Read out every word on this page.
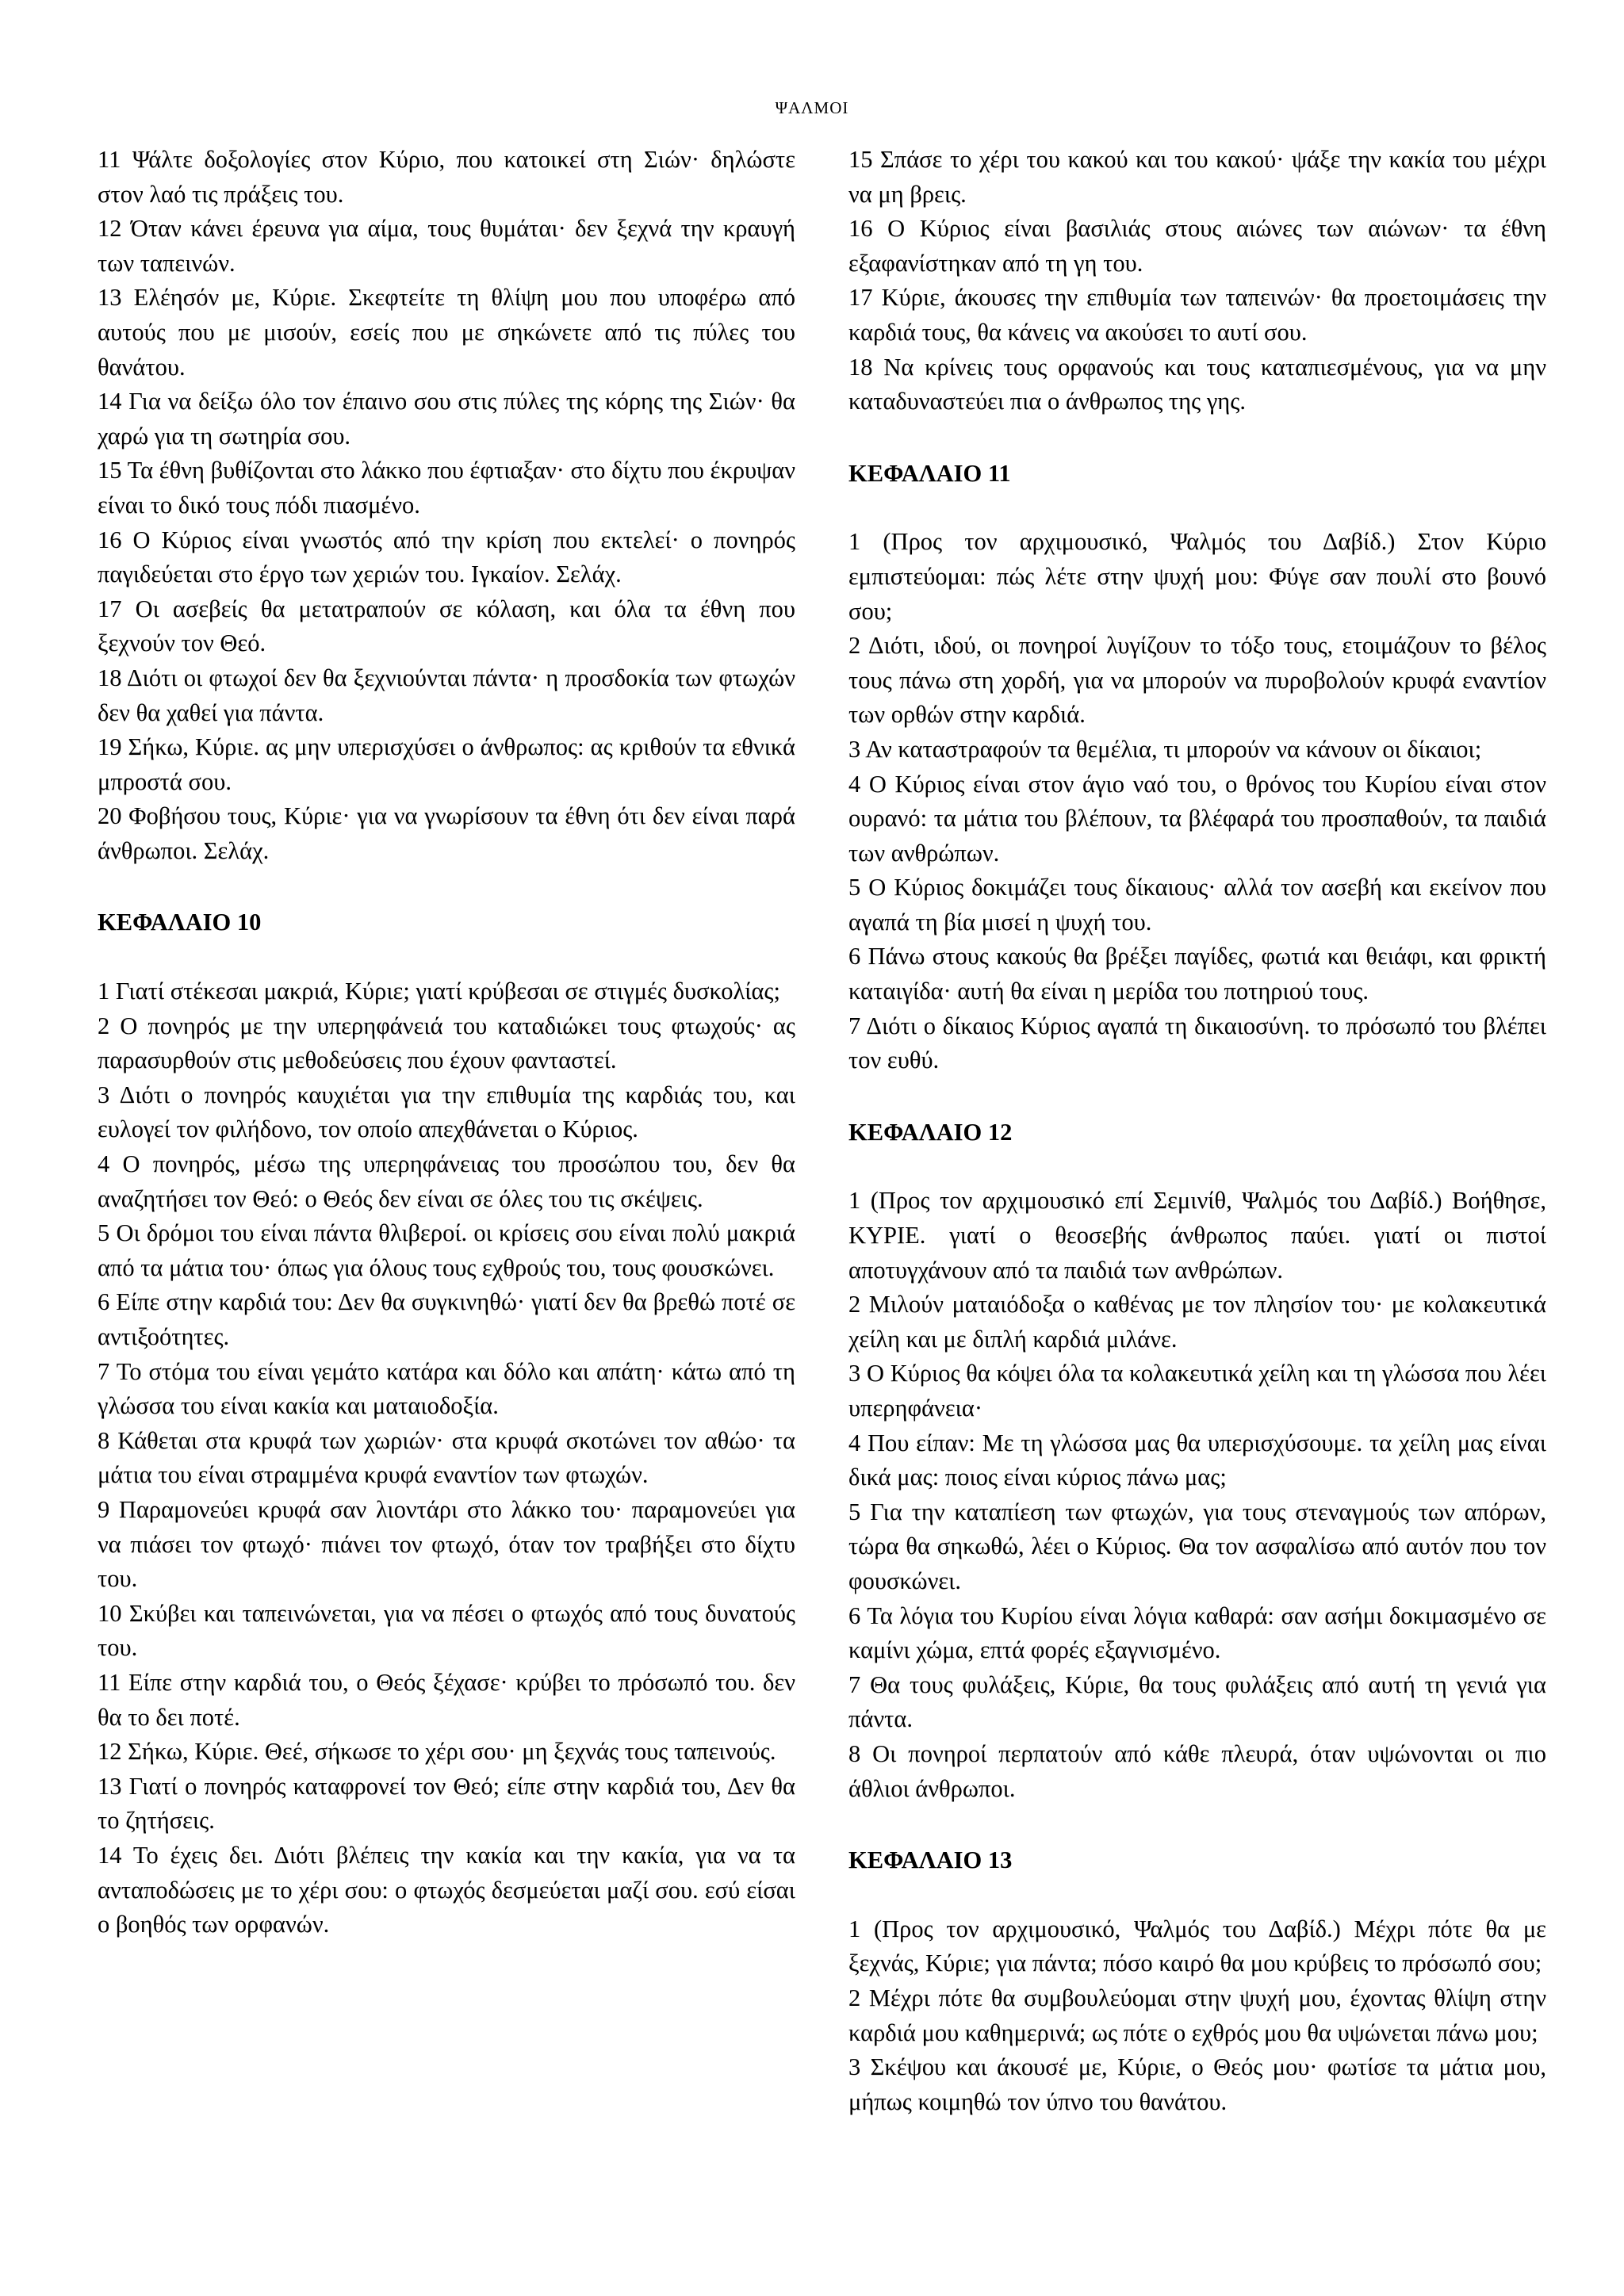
ΨΑΛΜΟΙ
11 Ψάλτε δοξολογίες στον Κύριο, που κατοικεί στη Σιών· δηλώστε στον λαό τις πράξεις του.
12 Όταν κάνει έρευνα για αίμα, τους θυμάται· δεν ξεχνά την κραυγή των ταπεινών.
13 Ελέησόν με, Κύριε. Σκεφτείτε τη θλίψη μου που υποφέρω από αυτούς που με μισούν, εσείς που με σηκώνετε από τις πύλες του θανάτου.
14 Για να δείξω όλο τον έπαινο σου στις πύλες της κόρης της Σιών· θα χαρώ για τη σωτηρία σου.
15 Τα έθνη βυθίζονται στο λάκκο που έφτιαξαν· στο δίχτυ που έκρυψαν είναι το δικό τους πόδι πιασμένο.
16 Ο Κύριος είναι γνωστός από την κρίση που εκτελεί· ο πονηρός παγιδεύεται στο έργο των χεριών του. Ιγκαίον. Σελάχ.
17 Οι ασεβείς θα μετατραπούν σε κόλαση, και όλα τα έθνη που ξεχνούν τον Θεό.
18 Διότι οι φτωχοί δεν θα ξεχνιούνται πάντα· η προσδοκία των φτωχών δεν θα χαθεί για πάντα.
19 Σήκω, Κύριε. ας μην υπερισχύσει ο άνθρωπος: ας κριθούν τα εθνικά μπροστά σου.
20 Φοβήσου τους, Κύριε· για να γνωρίσουν τα έθνη ότι δεν είναι παρά άνθρωποι. Σελάχ.
ΚΕΦΑΛΑΙΟ 10
1 Γιατί στέκεσαι μακριά, Κύριε; γιατί κρύβεσαι σε στιγμές δυσκολίας;
2 Ο πονηρός με την υπερηφάνειά του καταδιώκει τους φτωχούς· ας παρασυρθούν στις μεθοδεύσεις που έχουν φανταστεί.
3 Διότι ο πονηρός καυχιέται για την επιθυμία της καρδιάς του, και ευλογεί τον φιλήδονο, τον οποίο απεχθάνεται ο Κύριος.
4 Ο πονηρός, μέσω της υπερηφάνειας του προσώπου του, δεν θα αναζητήσει τον Θεό: ο Θεός δεν είναι σε όλες του τις σκέψεις.
5 Οι δρόμοι του είναι πάντα θλιβεροί. οι κρίσεις σου είναι πολύ μακριά από τα μάτια του· όπως για όλους τους εχθρούς του, τους φουσκώνει.
6 Είπε στην καρδιά του: Δεν θα συγκινηθώ· γιατί δεν θα βρεθώ ποτέ σε αντιξοότητες.
7 Το στόμα του είναι γεμάτο κατάρα και δόλο και απάτη· κάτω από τη γλώσσα του είναι κακία και ματαιοδοξία.
8 Κάθεται στα κρυφά των χωριών· στα κρυφά σκοτώνει τον αθώο· τα μάτια του είναι στραμμένα κρυφά εναντίον των φτωχών.
9 Παραμονεύει κρυφά σαν λιοντάρι στο λάκκο του· παραμονεύει για να πιάσει τον φτωχό· πιάνει τον φτωχό, όταν τον τραβήξει στο δίχτυ του.
10 Σκύβει και ταπεινώνεται, για να πέσει ο φτωχός από τους δυνατούς του.
11 Είπε στην καρδιά του, ο Θεός ξέχασε· κρύβει το πρόσωπό του. δεν θα το δει ποτέ.
12 Σήκω, Κύριε. Θεέ, σήκωσε το χέρι σου· μη ξεχνάς τους ταπεινούς.
13 Γιατί ο πονηρός καταφρονεί τον Θεό; είπε στην καρδιά του, Δεν θα το ζητήσεις.
14 Το έχεις δει. Διότι βλέπεις την κακία και την κακία, για να τα ανταποδώσεις με το χέρι σου: ο φτωχός δεσμεύεται μαζί σου. εσύ είσαι ο βοηθός των ορφανών.
15 Σπάσε το χέρι του κακού και του κακού· ψάξε την κακία του μέχρι να μη βρεις.
16 Ο Κύριος είναι βασιλιάς στους αιώνες των αιώνων· τα έθνη εξαφανίστηκαν από τη γη του.
17 Κύριε, άκουσες την επιθυμία των ταπεινών· θα προετοιμάσεις την καρδιά τους, θα κάνεις να ακούσει το αυτί σου.
18 Να κρίνεις τους ορφανούς και τους καταπιεσμένους, για να μην καταδυναστεύει πια ο άνθρωπος της γης.
ΚΕΦΑΛΑΙΟ 11
1 (Προς τον αρχιμουσικό, Ψαλμός του Δαβίδ.) Στον Κύριο εμπιστεύομαι: πώς λέτε στην ψυχή μου: Φύγε σαν πουλί στο βουνό σου;
2 Διότι, ιδού, οι πονηροί λυγίζουν το τόξο τους, ετοιμάζουν το βέλος τους πάνω στη χορδή, για να μπορούν να πυροβολούν κρυφά εναντίον των ορθών στην καρδιά.
3 Αν καταστραφούν τα θεμέλια, τι μπορούν να κάνουν οι δίκαιοι;
4 Ο Κύριος είναι στον άγιο ναό του, ο θρόνος του Κυρίου είναι στον ουρανό: τα μάτια του βλέπουν, τα βλέφαρά του προσπαθούν, τα παιδιά των ανθρώπων.
5 Ο Κύριος δοκιμάζει τους δίκαιους· αλλά τον ασεβή και εκείνον που αγαπά τη βία μισεί η ψυχή του.
6 Πάνω στους κακούς θα βρέξει παγίδες, φωτιά και θειάφι, και φρικτή καταιγίδα· αυτή θα είναι η μερίδα του ποτηριού τους.
7 Διότι ο δίκαιος Κύριος αγαπά τη δικαιοσύνη. το πρόσωπό του βλέπει τον ευθύ.
ΚΕΦΑΛΑΙΟ 12
1 (Προς τον αρχιμουσικό επί Σεμινίθ, Ψαλμός του Δαβίδ.) Βοήθησε, ΚΥΡΙΕ. γιατί ο θεοσεβής άνθρωπος παύει. γιατί οι πιστοί αποτυγχάνουν από τα παιδιά των ανθρώπων.
2 Μιλούν ματαιόδοξα ο καθένας με τον πλησίον του· με κολακευτικά χείλη και με διπλή καρδιά μιλάνε.
3 Ο Κύριος θα κόψει όλα τα κολακευτικά χείλη και τη γλώσσα που λέει υπερηφάνεια·
4 Που είπαν: Με τη γλώσσα μας θα υπερισχύσουμε. τα χείλη μας είναι δικά μας: ποιος είναι κύριος πάνω μας;
5 Για την καταπίεση των φτωχών, για τους στεναγμούς των απόρων, τώρα θα σηκωθώ, λέει ο Κύριος. Θα τον ασφαλίσω από αυτόν που τον φουσκώνει.
6 Τα λόγια του Κυρίου είναι λόγια καθαρά: σαν ασήμι δοκιμασμένο σε καμίνι χώμα, επτά φορές εξαγνισμένο.
7 Θα τους φυλάξεις, Κύριε, θα τους φυλάξεις από αυτή τη γενιά για πάντα.
8 Οι πονηροί περπατούν από κάθε πλευρά, όταν υψώνονται οι πιο άθλιοι άνθρωποι.
ΚΕΦΑΛΑΙΟ 13
1 (Προς τον αρχιμουσικό, Ψαλμός του Δαβίδ.) Μέχρι πότε θα με ξεχνάς, Κύριε; για πάντα; πόσο καιρό θα μου κρύβεις το πρόσωπό σου;
2 Μέχρι πότε θα συμβουλεύομαι στην ψυχή μου, έχοντας θλίψη στην καρδιά μου καθημερινά; ως πότε ο εχθρός μου θα υψώνεται πάνω μου;
3 Σκέψου και άκουσέ με, Κύριε, ο Θεός μου· φωτίσε τα μάτια μου, μήπως κοιμηθώ τον ύπνο του θανάτου.
